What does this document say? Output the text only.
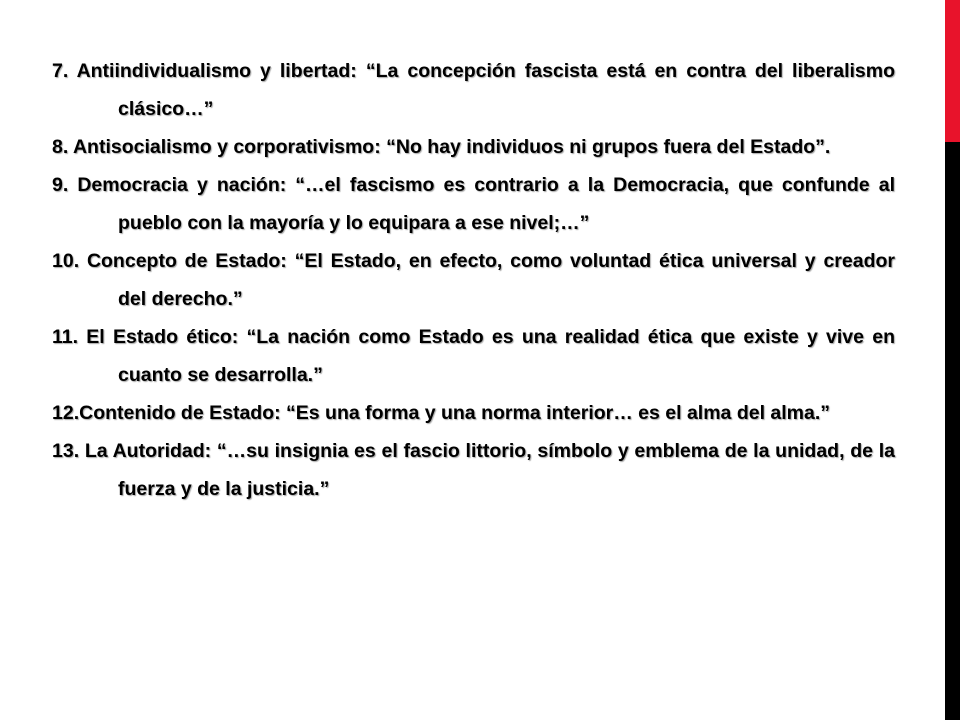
7. Antiindividualismo y libertad: “La concepción fascista está en contra del liberalismo clásico…”

8. Antisocialismo y corporativismo: “No hay individuos ni grupos fuera del Estado”.

9. Democracia y nación: “…el fascismo es contrario a la Democracia, que confunde al pueblo con la mayoría y lo equipara a ese nivel;…”

10. Concepto de Estado: “El Estado, en efecto, como voluntad ética universal y creador del derecho.”

11. El Estado ético: “La nación como Estado es una realidad ética que existe y vive en cuanto se desarrolla.”

12.Contenido de Estado: “Es una forma y una norma interior… es el alma del alma.”

13. La Autoridad: “…su insignia es el fascio littorio, símbolo y emblema de la unidad, de la fuerza y de la justicia.”
